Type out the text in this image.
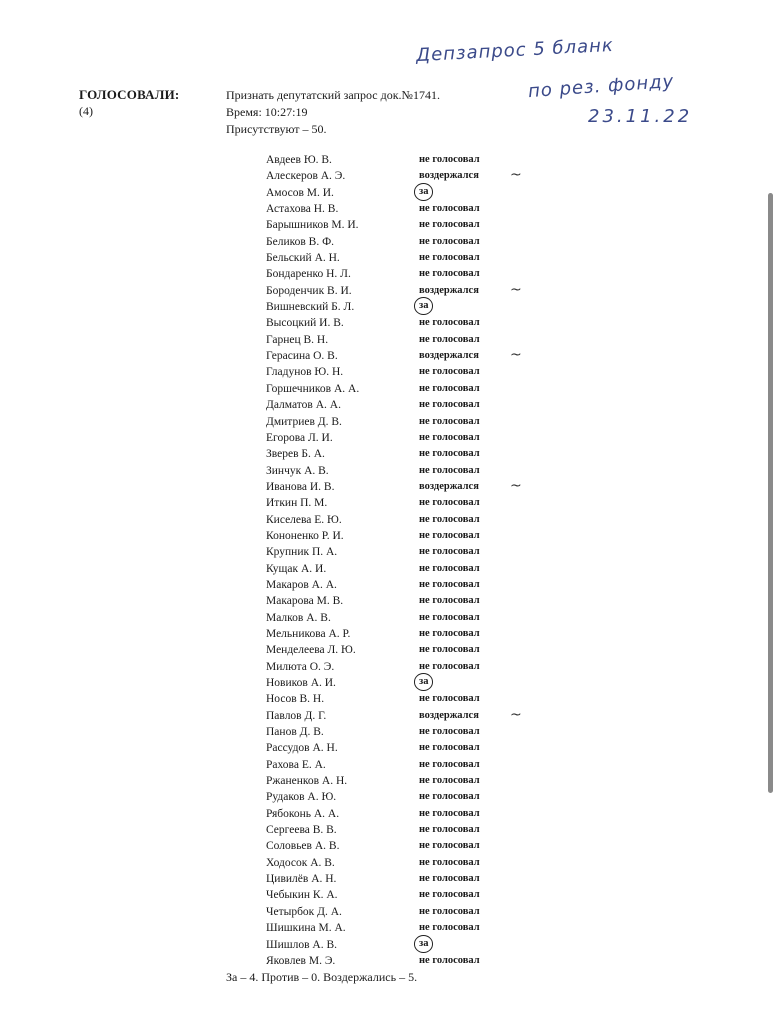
ГОЛОСОВАЛИ:
(4)
Признать депутатский запрос док.№1741.
Время: 10:27:19
Присутствуют – 50.
Депзапрос 5 бланк
по рез. фонду
23.11.22
Авдеев Ю. В.	не голосовал
Алескеров А. Э.	воздержался ~
Амосов М. И.	за
Астахова Н. В.	не голосовал
Барышников М. И.	не голосовал
Беликов В. Ф.	не голосовал
Бельский А. Н.	не голосовал
Бондаренко Н. Л.	не голосовал
Бороденчик В. И.	воздержался ~
Вишневский Б. Л.	за
Высоцкий И. В.	не голосовал
Гарнец В. Н.	не голосовал
Герасина О. В.	воздержался ~
Гладунов Ю. Н.	не голосовал
Горшечников А. А.	не голосовал
Далматов А. А.	не голосовал
Дмитриев Д. В.	не голосовал
Егорова Л. И.	не голосовал
Зверев Б. А.	не голосовал
Зинчук А. В.	не голосовал
Иванова И. В.	воздержался ~
Иткин П. М.	не голосовал
Киселева Е. Ю.	не голосовал
Кононенко Р. И.	не голосовал
Крупник П. А.	не голосовал
Кущак А. И.	не голосовал
Макаров А. А.	не голосовал
Макарова М. В.	не голосовал
Малков А. В.	не голосовал
Мельникова А. Р.	не голосовал
Менделеева Л. Ю.	не голосовал
Милюта О. Э.	не голосовал
Новиков А. И.	за
Носов В. Н.	не голосовал
Павлов Д. Г.	воздержался ~
Панов Д. В.	не голосовал
Рассудов А. Н.	не голосовал
Рахова Е. А.	не голосовал
Ржаненков А. Н.	не голосовал
Рудаков А. Ю.	не голосовал
Рябоконь А. А.	не голосовал
Сергеева В. В.	не голосовал
Соловьев А. В.	не голосовал
Ходосок А. В.	не голосовал
Цивилёв А. Н.	не голосовал
Чебыкин К. А.	не голосовал
Четырбок Д. А.	не голосовал
Шишкина М. А.	не голосовал
Шишлов А. В.	за
Яковлев М. Э.	не голосовал
За – 4. Против – 0. Воздержались – 5.
